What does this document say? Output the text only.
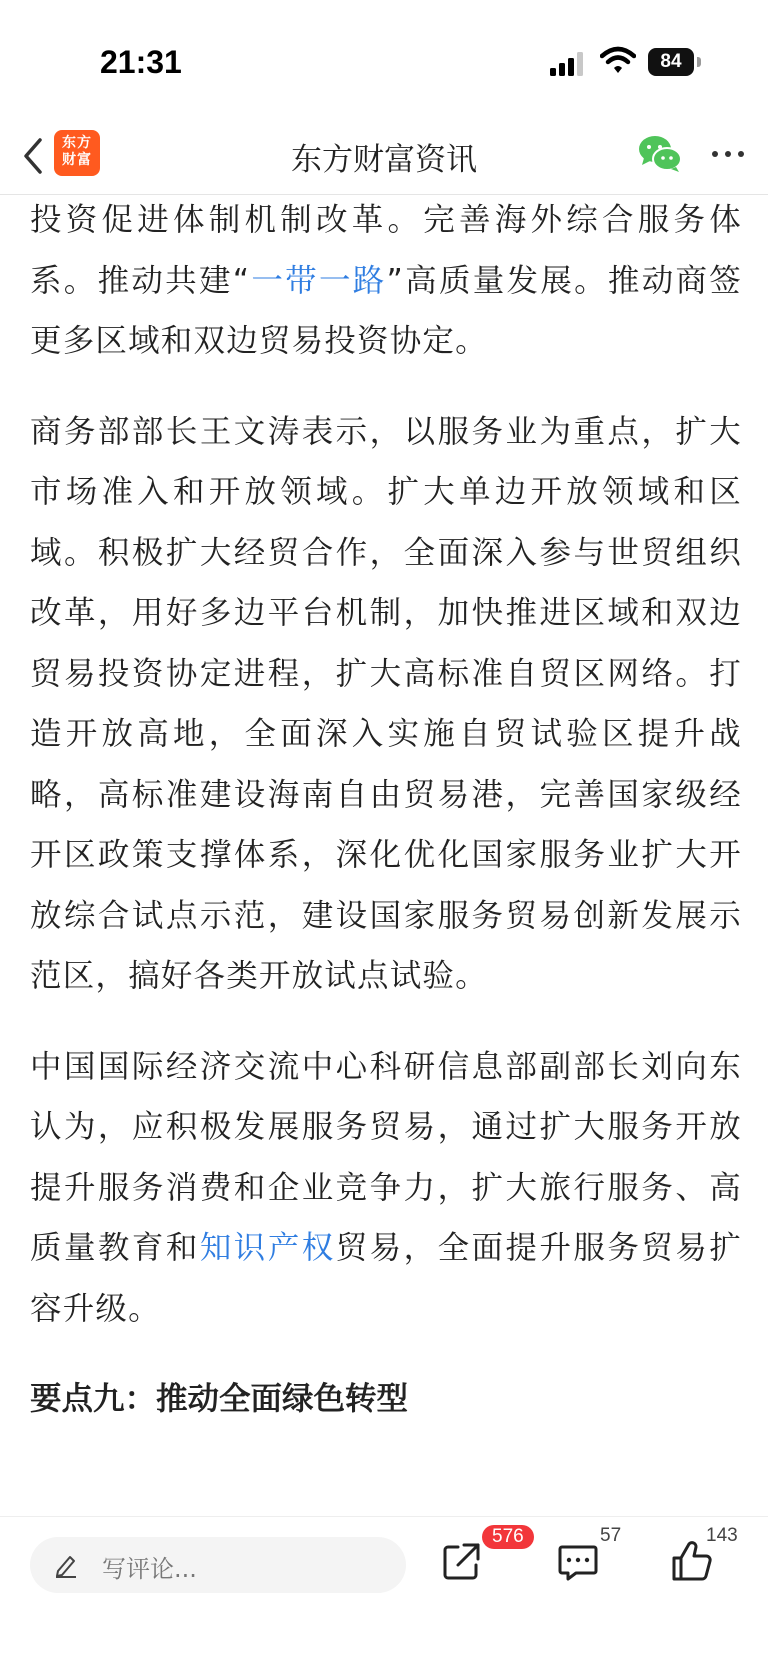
21:31	84
东方
财富	东方财富资讯

投资促进体制机制改革。完善海外综合服务体系。推动共建“一带一路”高质量发展。推动商签更多区域和双边贸易投资协定。

商务部部长王文涛表示，以服务业为重点，扩大市场准入和开放领域。扩大单边开放领域和区域。积极扩大经贸合作，全面深入参与世贸组织改革，用好多边平台机制，加快推进区域和双边贸易投资协定进程，扩大高标准自贸区网络。打造开放高地，全面深入实施自贸试验区提升战略，高标准建设海南自由贸易港，完善国家级经开区政策支撑体系，深化优化国家服务业扩大开放综合试点示范，建设国家服务贸易创新发展示范区，搞好各类开放试点试验。

中国国际经济交流中心科研信息部副部长刘向东认为，应积极发展服务贸易，通过扩大服务开放提升服务消费和企业竞争力，扩大旅行服务、高质量教育和知识产权贸易，全面提升服务贸易扩容升级。

要点九：推动全面绿色转型
写评论...
576	57	143
